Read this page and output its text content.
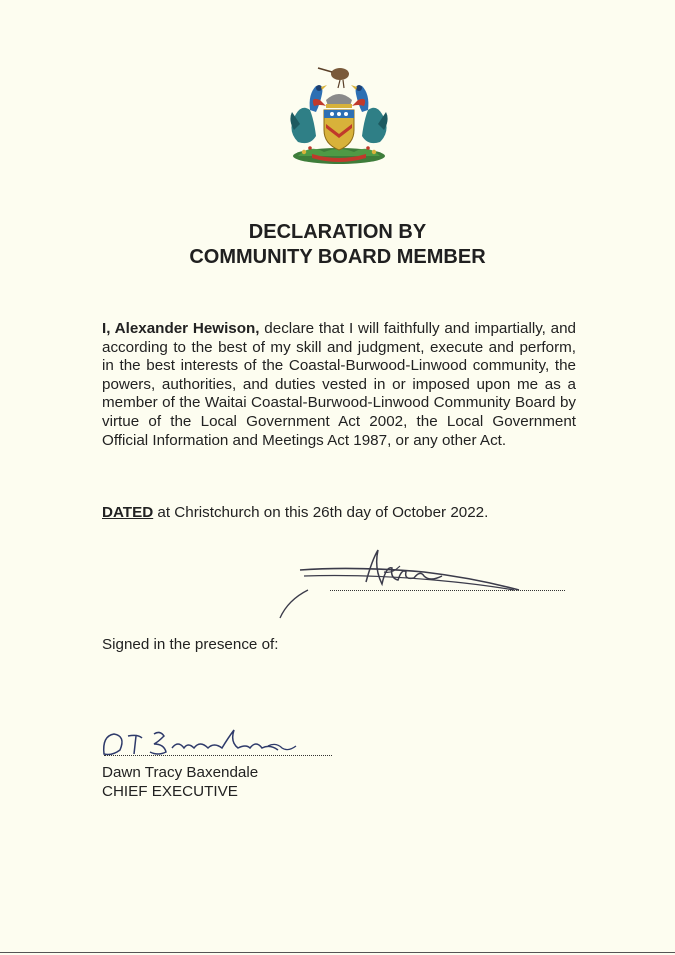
DECLARATION BY
COMMUNITY BOARD MEMBER
I, Alexander Hewison, declare that I will faithfully and impartially, and according to the best of my skill and judgment, execute and perform, in the best interests of the Coastal-Burwood-Linwood community, the powers, authorities, and duties vested in or imposed upon me as a member of the Waitai Coastal-Burwood-Linwood Community Board by virtue of the Local Government Act 2002, the Local Government Official Information and Meetings Act 1987, or any other Act.
DATED at Christchurch on this 26th day of October 2022.
Signed in the presence of:
Dawn Tracy Baxendale
CHIEF EXECUTIVE
